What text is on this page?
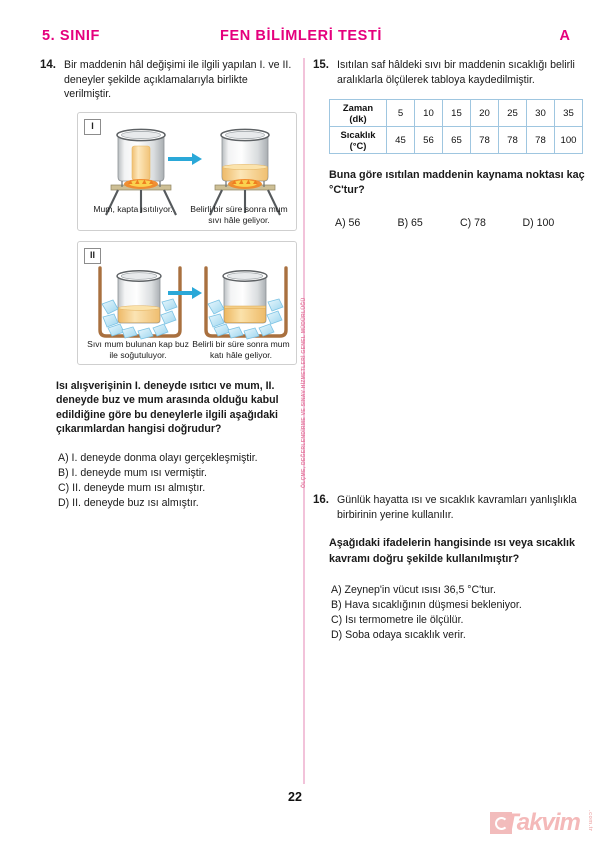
5. SINIF	FEN BİLİMLERİ TESTİ	A
ÖLÇME, DEĞERLENDİRME VE SINAV HİZMETLERİ GENEL MÜDÜRLÜĞÜ
14. Bir maddenin hâl değişimi ile ilgili yapılan I. ve II. deneyler şekilde açıklamalarıyla birlikte verilmiştir.
I
Mum, kapta ısıtılıyor.	Belirli bir süre sonra mum sıvı hâle geliyor.
II
Sıvı mum bulunan kap buz ile soğutuluyor.
Belirli bir süre sonra mum katı hâle geliyor.
Isı alışverişinin I. deneyde ısıtıcı ve mum, II. deneyde buz ve mum arasında olduğu kabul edildiğine göre bu deneylerle ilgili aşağıdaki çıkarımlardan hangisi doğrudur?
A) I. deneyde donma olayı gerçekleşmiştir.
B) I. deneyde mum ısı vermiştir.
C) II. deneyde mum ısı almıştır.
D) II. deneyde buz ısı almıştır.
15. Isıtılan saf hâldeki sıvı bir maddenin sıcaklığı belirli aralıklarla ölçülerek tabloya kaydedilmiştir.
Zaman
(dk)	5	10	15	20	25	30	35

Sıcaklık
(°C)	45	56	65	78	78	78	100
Buna göre ısıtılan maddenin kaynama noktası kaç °C'tur?
A) 56	B) 65	C) 78	D) 100
16. Günlük hayatta ısı ve sıcaklık kavramları yanlışlıkla birbirinin yerine kullanılır.
Aşağıdaki ifadelerin hangisinde ısı veya sıcaklık kavramı doğru şekilde kullanılmıştır?
A) Zeynep'in vücut ısısı 36,5 °C'tur.
B) Hava sıcaklığının düşmesi bekleniyor.
C) Isı termometre ile ölçülür.
D) Soba odaya sıcaklık verir.
22
Takvim .com.tr
